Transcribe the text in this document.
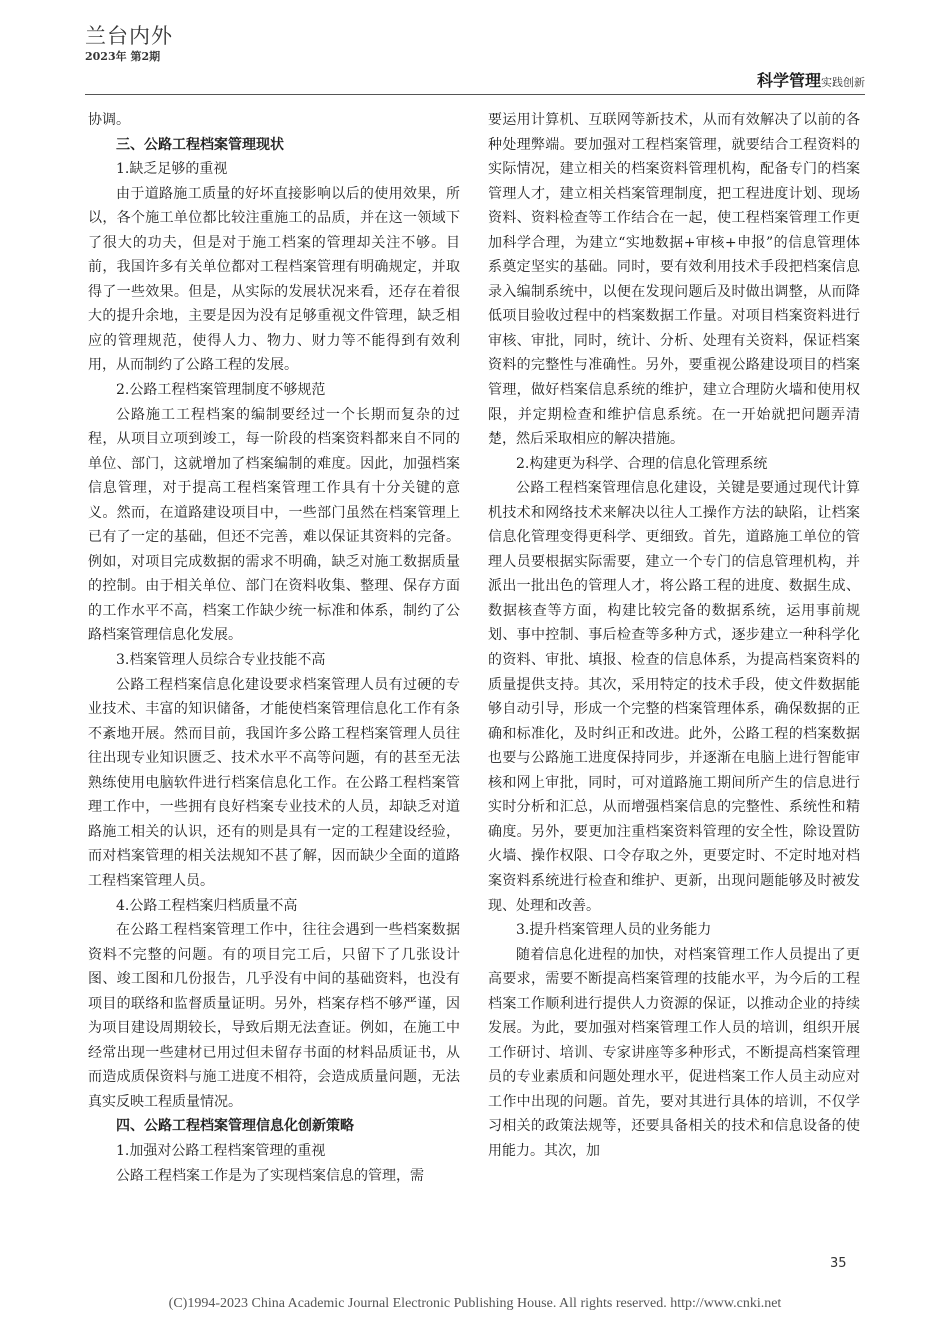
兰台内外
2023年 第2期
科学管理实践创新

协调。

三、公路工程档案管理现状

1.缺乏足够的重视

由于道路施工质量的好坏直接影响以后的使用效果，所以，各个施工单位都比较注重施工的品质，并在这一领域下了很大的功夫，但是对于施工档案的管理却关注不够。目前，我国许多有关单位都对工程档案管理有明确规定，并取得了一些效果。但是，从实际的发展状况来看，还存在着很大的提升余地，主要是因为没有足够重视文件管理，缺乏相应的管理规范，使得人力、物力、财力等不能得到有效利用，从而制约了公路工程的发展。

2.公路工程档案管理制度不够规范

公路施工工程档案的编制要经过一个长期而复杂的过程，从项目立项到竣工，每一阶段的档案资料都来自不同的单位、部门，这就增加了档案编制的难度。因此，加强档案信息管理，对于提高工程档案管理工作具有十分关键的意义。然而，在道路建设项目中，一些部门虽然在档案管理上已有了一定的基础，但还不完善，难以保证其资料的完备。例如，对项目完成数据的需求不明确，缺乏对施工数据质量的控制。由于相关单位、部门在资料收集、整理、保存方面的工作水平不高，档案工作缺少统一标准和体系，制约了公路档案管理信息化发展。

3.档案管理人员综合专业技能不高

公路工程档案信息化建设要求档案管理人员有过硬的专业技术、丰富的知识储备，才能使档案管理信息化工作有条不紊地开展。然而目前，我国许多公路工程档案管理人员往往出现专业知识匮乏、技术水平不高等问题，有的甚至无法熟练使用电脑软件进行档案信息化工作。在公路工程档案管理工作中，一些拥有良好档案专业技术的人员，却缺乏对道路施工相关的认识，还有的则是具有一定的工程建设经验，而对档案管理的相关法规知不甚了解，因而缺少全面的道路工程档案管理人员。

4.公路工程档案归档质量不高

在公路工程档案管理工作中，往往会遇到一些档案数据资料不完整的问题。有的项目完工后，只留下了几张设计图、竣工图和几份报告，几乎没有中间的基础资料，也没有项目的联络和监督质量证明。另外，档案存档不够严谨，因为项目建设周期较长，导致后期无法查证。例如，在施工中经常出现一些建材已用过但未留存书面的材料品质证书，从而造成质保资料与施工进度不相符，会造成质量问题，无法真实反映工程质量情况。

四、公路工程档案管理信息化创新策略

1.加强对公路工程档案管理的重视

公路工程档案工作是为了实现档案信息的管理，需

要运用计算机、互联网等新技术，从而有效解决了以前的各种处理弊端。要加强对工程档案管理，就要结合工程资料的实际情况，建立相关的档案资料管理机构，配备专门的档案管理人才，建立相关档案管理制度，把工程进度计划、现场资料、资料检查等工作结合在一起，使工程档案管理工作更加科学合理，为建立“实地数据+审核+申报”的信息管理体系奠定坚实的基础。同时，要有效利用技术手段把档案信息录入编制系统中，以便在发现问题后及时做出调整，从而降低项目验收过程中的档案数据工作量。对项目档案资料进行审核、审批，同时，统计、分析、处理有关资料，保证档案资料的完整性与准确性。另外，要重视公路建设项目的档案管理，做好档案信息系统的维护，建立合理防火墙和使用权限，并定期检查和维护信息系统。在一开始就把问题弄清楚，然后采取相应的解决措施。

2.构建更为科学、合理的信息化管理系统

公路工程档案管理信息化建设，关键是要通过现代计算机技术和网络技术来解决以往人工操作方法的缺陷，让档案信息化管理变得更科学、更细致。首先，道路施工单位的管理人员要根据实际需要，建立一个专门的信息管理机构，并派出一批出色的管理人才，将公路工程的进度、数据生成、数据核查等方面，构建比较完备的数据系统，运用事前规划、事中控制、事后检查等多种方式，逐步建立一种科学化的资料、审批、填报、检查的信息体系，为提高档案资料的质量提供支持。其次，采用特定的技术手段，使文件数据能够自动引导，形成一个完整的档案管理体系，确保数据的正确和标准化，及时纠正和改进。此外，公路工程的档案数据也要与公路施工进度保持同步，并逐渐在电脑上进行智能审核和网上审批，同时，可对道路施工期间所产生的信息进行实时分析和汇总，从而增强档案信息的完整性、系统性和精确度。另外，要更加注重档案资料管理的安全性，除设置防火墙、操作权限、口令存取之外，更要定时、不定时地对档案资料系统进行检查和维护、更新，出现问题能够及时被发现、处理和改善。

3.提升档案管理人员的业务能力

随着信息化进程的加快，对档案管理工作人员提出了更高要求，需要不断提高档案管理的技能水平，为今后的工程档案工作顺利进行提供人力资源的保证，以推动企业的持续发展。为此，要加强对档案管理工作人员的培训，组织开展工作研讨、培训、专家讲座等多种形式，不断提高档案管理员的专业素质和问题处理水平，促进档案工作人员主动应对工作中出现的问题。首先，要对其进行具体的培训，不仅学习相关的政策法规等，还要具备相关的技术和信息设备的使用能力。其次，加

35
(C)1994-2023 China Academic Journal Electronic Publishing House. All rights reserved. http://www.cnki.net
